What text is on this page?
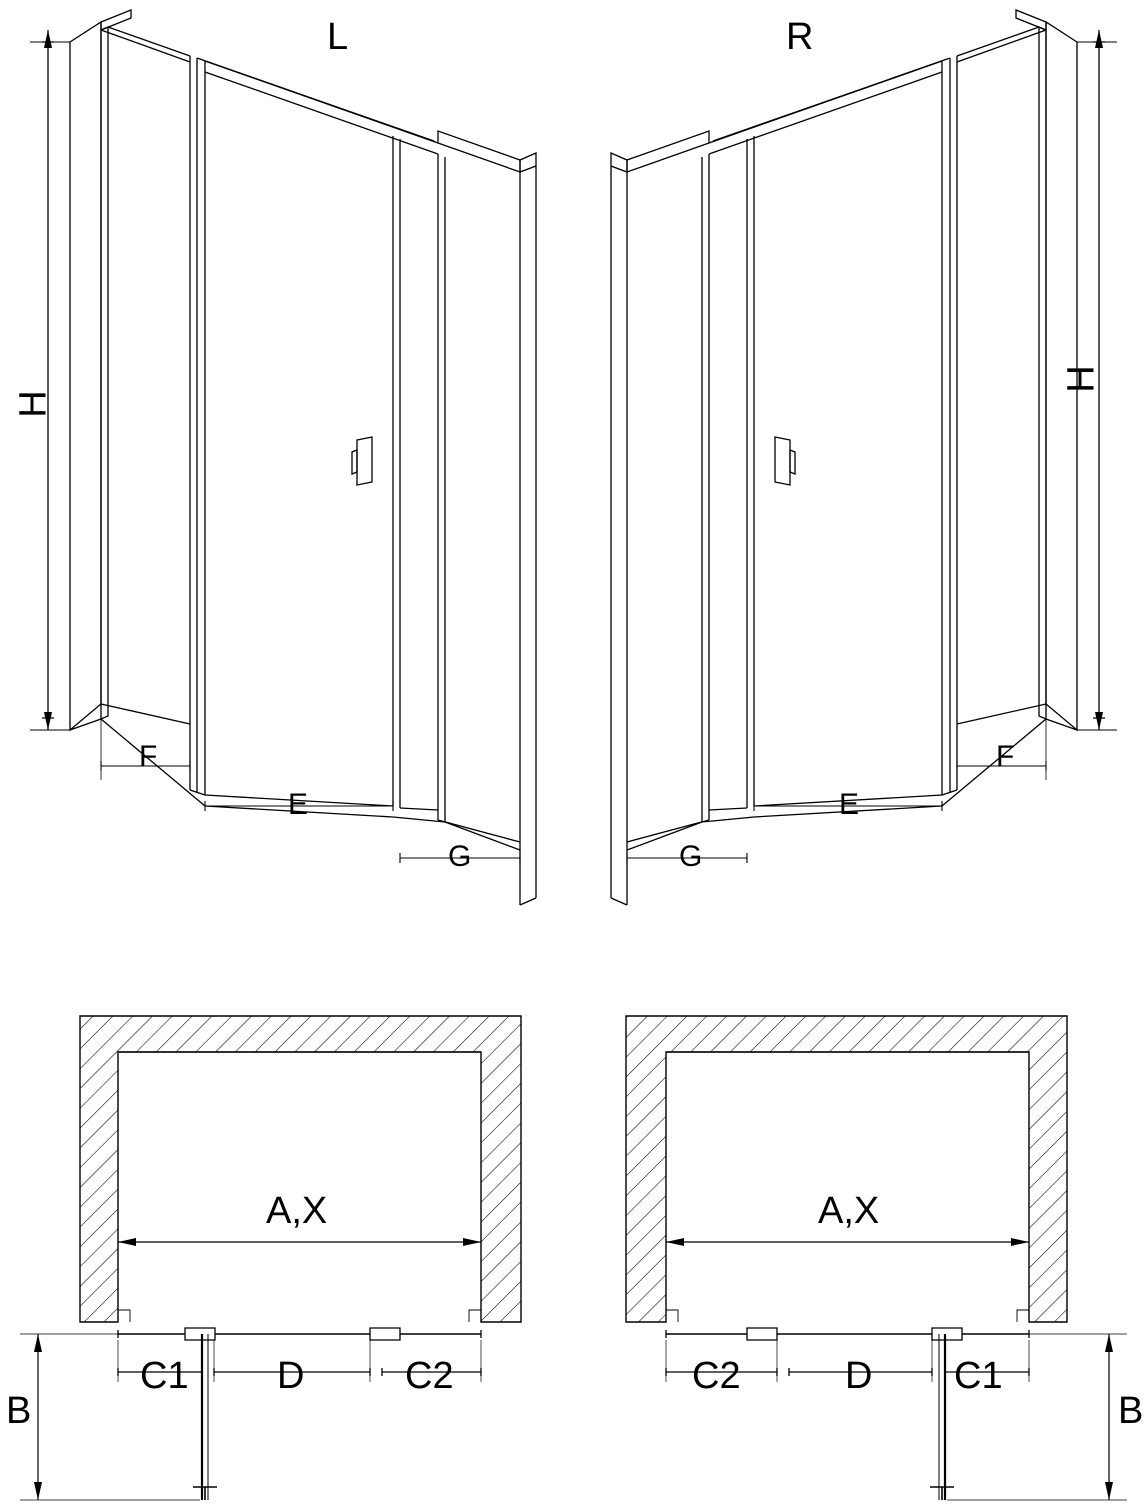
L	R
H
H
F
E
G
F
E
G
A,X	A,X
C1 D	C2	C2	D C1
B	B
